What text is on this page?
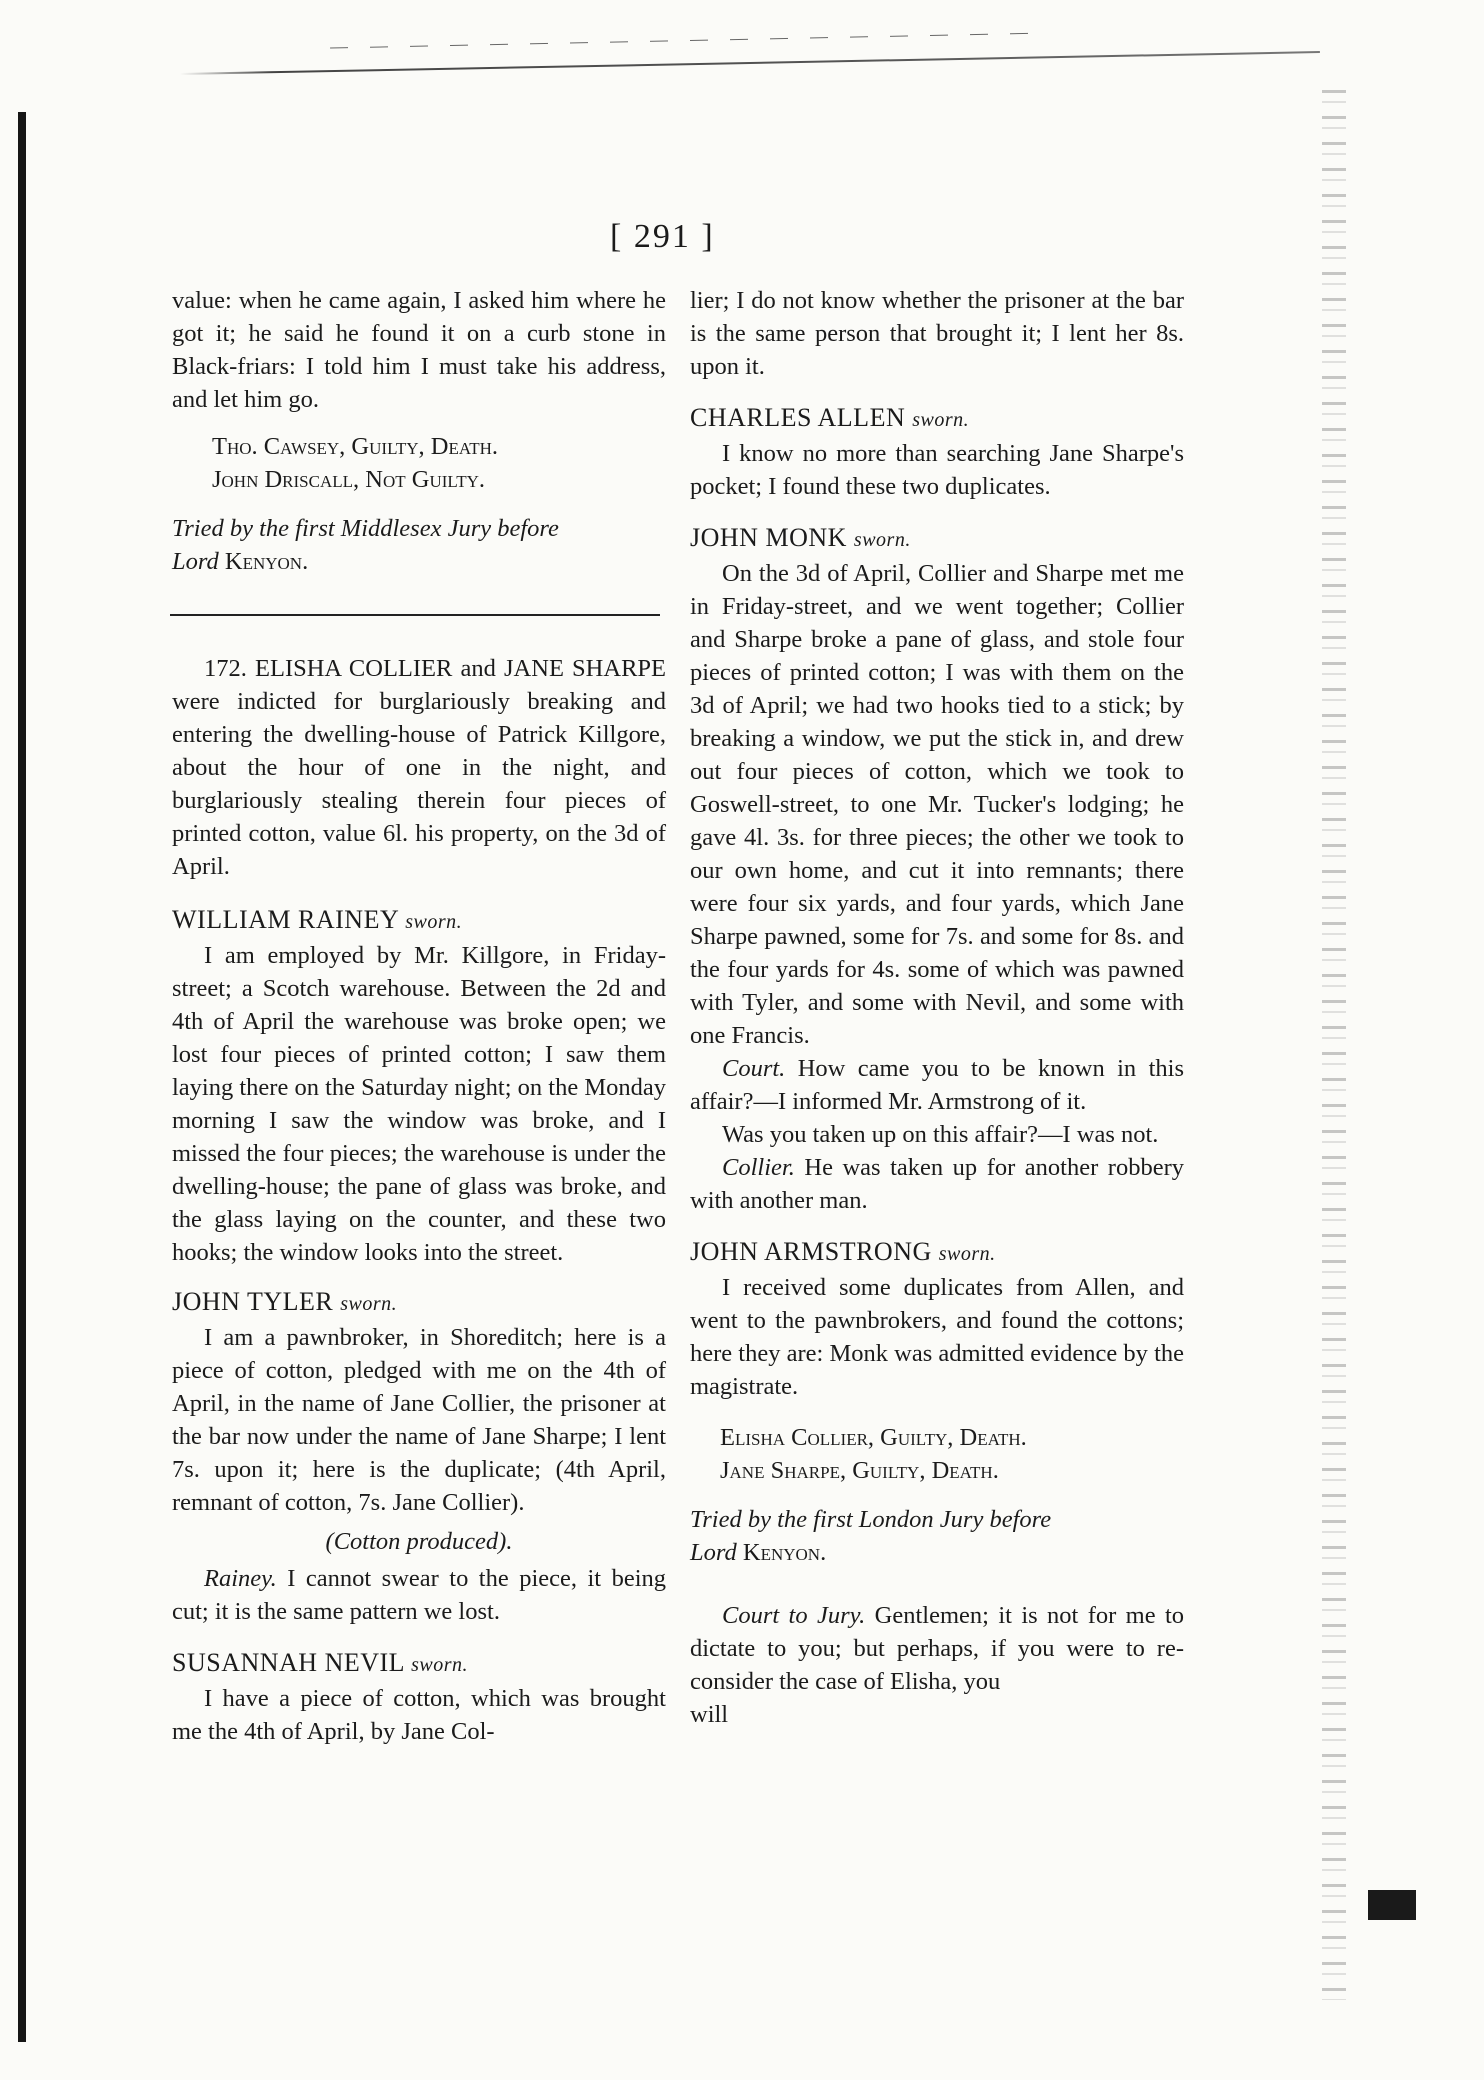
[ 291 ]

value: when he came again, I asked him where he got it; he said he found it on a curb stone in Black-friars: I told him I must take his address, and let him go.

Tho. Cawsey, Guilty, Death.

John Driscall, Not Guilty.

Tried by the first Middlesex Jury before

Lord Kenyon.

172. ELISHA COLLIER and JANE SHARPE were indicted for burglariously breaking and entering the dwelling-house of Patrick Killgore, about the hour of one in the night, and burglariously stealing therein four pieces of printed cotton, value 6l. his property, on the 3d of April.

WILLIAM RAINEY sworn.

I am employed by Mr. Killgore, in Friday-street; a Scotch warehouse. Between the 2d and 4th of April the warehouse was broke open; we lost four pieces of printed cotton; I saw them laying there on the Saturday night; on the Monday morning I saw the window was broke, and I missed the four pieces; the warehouse is under the dwelling-house; the pane of glass was broke, and the glass laying on the counter, and these two hooks; the window looks into the street.

JOHN TYLER sworn.

I am a pawnbroker, in Shoreditch; here is a piece of cotton, pledged with me on the 4th of April, in the name of Jane Collier, the prisoner at the bar now under the name of Jane Sharpe; I lent 7s. upon it; here is the duplicate; (4th April, remnant of cotton, 7s. Jane Collier).

(Cotton produced).

Rainey. I cannot swear to the piece, it being cut; it is the same pattern we lost.

SUSANNAH NEVIL sworn.

I have a piece of cotton, which was brought me the 4th of April, by Jane Col-

lier; I do not know whether the prisoner at the bar is the same person that brought it; I lent her 8s. upon it.

CHARLES ALLEN sworn.

I know no more than searching Jane Sharpe's pocket; I found these two duplicates.

JOHN MONK sworn.

On the 3d of April, Collier and Sharpe met me in Friday-street, and we went together; Collier and Sharpe broke a pane of glass, and stole four pieces of printed cotton; I was with them on the 3d of April; we had two hooks tied to a stick; by breaking a window, we put the stick in, and drew out four pieces of cotton, which we took to Goswell-street, to one Mr. Tucker's lodging; he gave 4l. 3s. for three pieces; the other we took to our own home, and cut it into remnants; there were four six yards, and four yards, which Jane Sharpe pawned, some for 7s. and some for 8s. and the four yards for 4s. some of which was pawned with Tyler, and some with Nevil, and some with one Francis.

Court. How came you to be known in this affair?—I informed Mr. Armstrong of it.

Was you taken up on this affair?—I was not.

Collier. He was taken up for another robbery with another man.

JOHN ARMSTRONG sworn.

I received some duplicates from Allen, and went to the pawnbrokers, and found the cottons; here they are: Monk was admitted evidence by the magistrate.

Elisha Collier, Guilty, Death.

Jane Sharpe, Guilty, Death.

Tried by the first London Jury before

Lord Kenyon.

Court to Jury. Gentlemen; it is not for me to dictate to you; but perhaps, if you were to re-consider the case of Elisha, you

will
